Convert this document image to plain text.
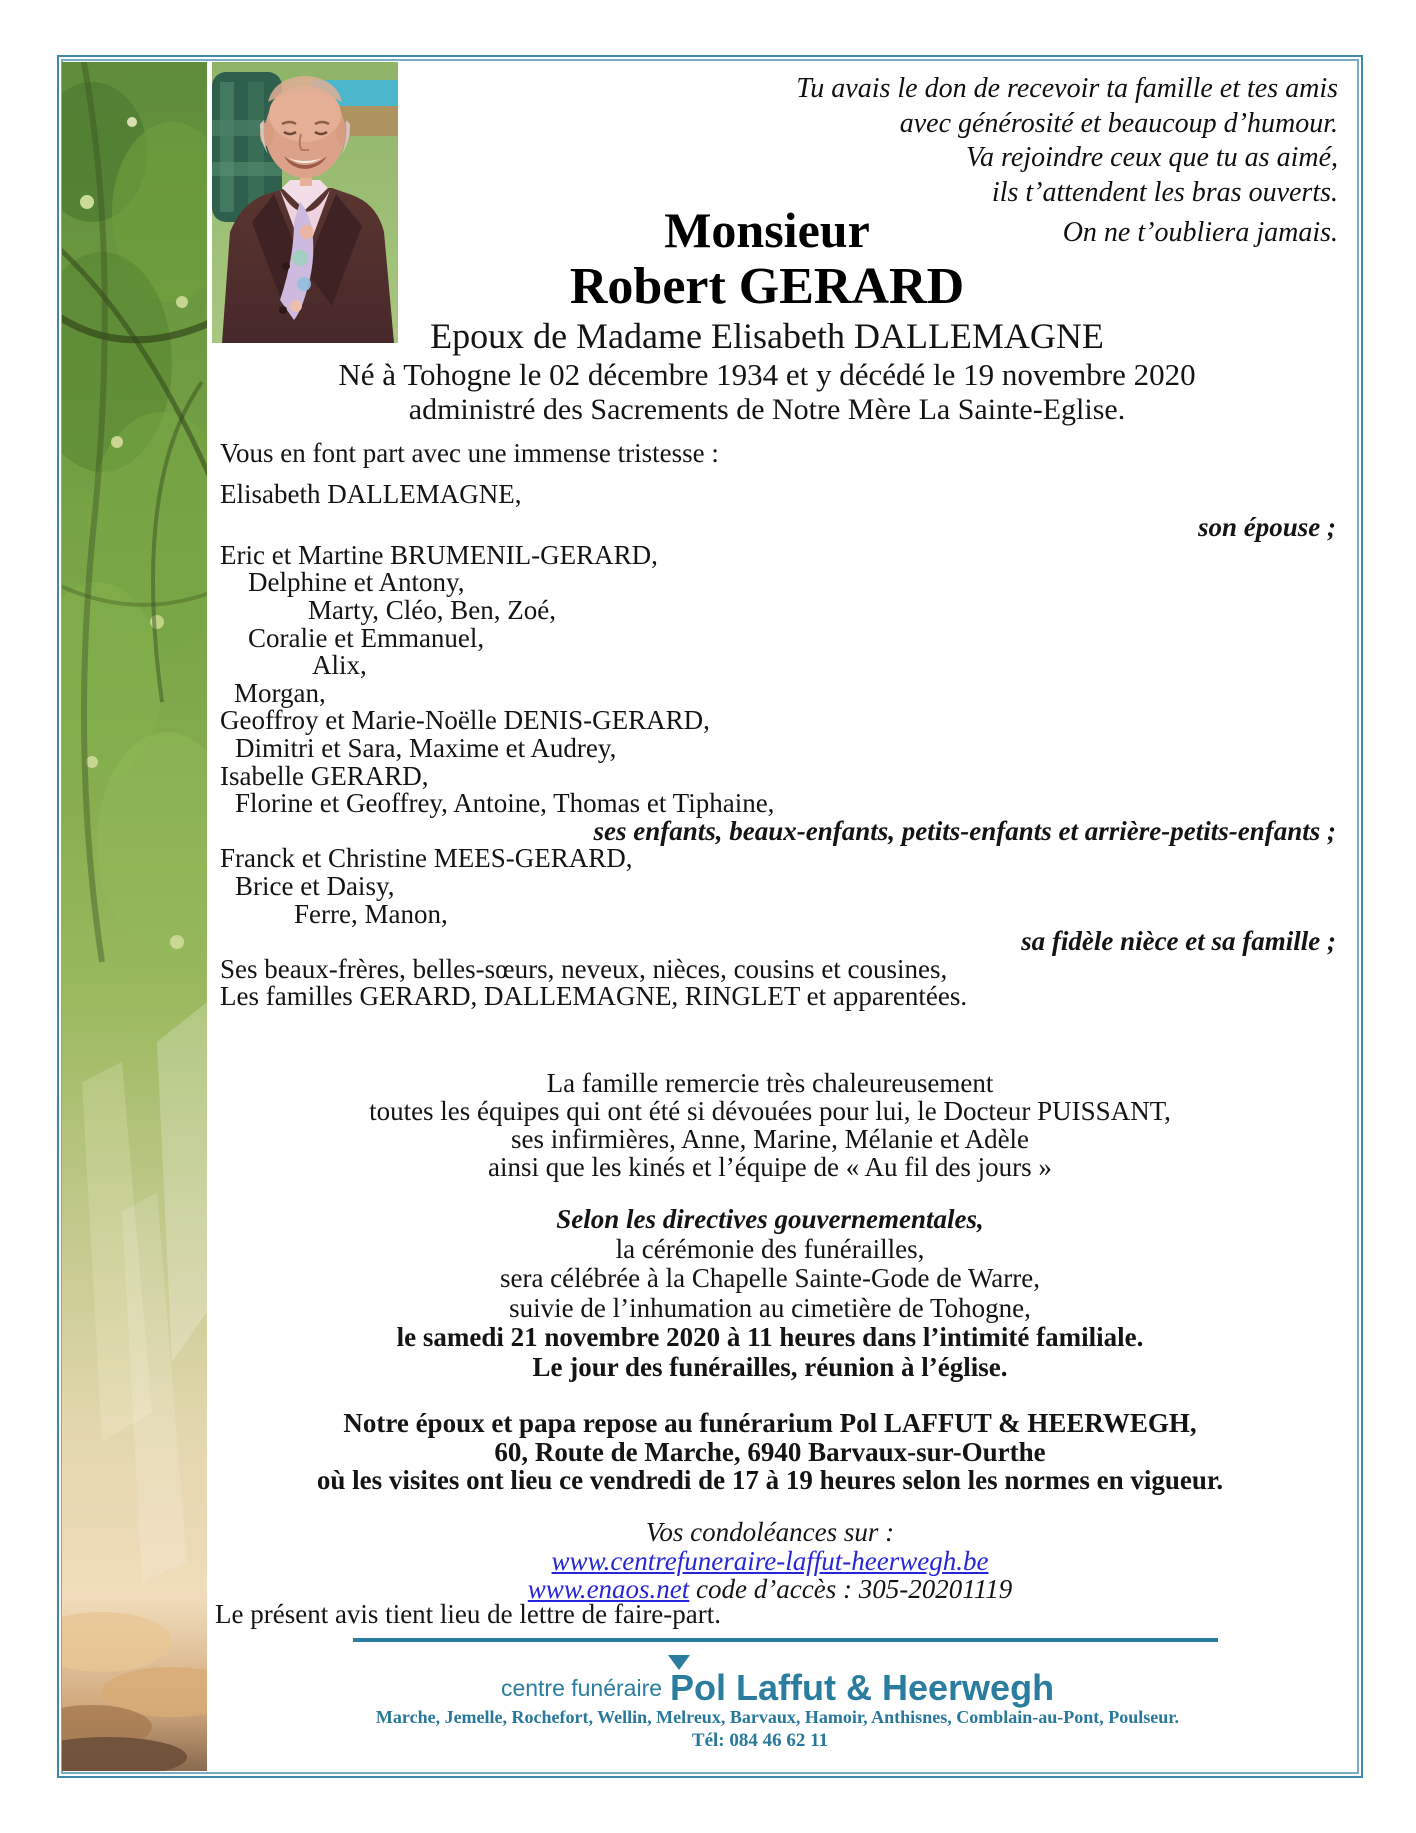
Tu avais le don de recevoir ta famille et tes amis
avec générosité et beaucoup d’humour.
Va rejoindre ceux que tu as aimé,
ils t’attendent les bras ouverts.
On ne t’oubliera jamais.
Monsieur
Robert GERARD
Epoux de Madame Elisabeth DALLEMAGNE
Né à Tohogne le 02 décembre 1934 et y décédé le 19 novembre 2020
administré des Sacrements de Notre Mère La Sainte-Eglise.
Vous en font part avec une immense tristesse :
Elisabeth DALLEMAGNE,
son épouse ;
Eric et Martine BRUMENIL-GERARD,
Delphine et Antony,
Marty, Cléo, Ben, Zoé,
Coralie et Emmanuel,
Alix,
Morgan,
Geoffroy et Marie-Noëlle DENIS-GERARD,
Dimitri et Sara, Maxime et Audrey,
Isabelle GERARD,
Florine et Geoffrey, Antoine, Thomas et Tiphaine,
ses enfants, beaux-enfants, petits-enfants et arrière-petits-enfants ;
Franck et Christine MEES-GERARD,
Brice et Daisy,
Ferre, Manon,
sa fidèle nièce et sa famille ;
Ses beaux-frères, belles-sœurs, neveux, nièces, cousins et cousines,
Les familles GERARD, DALLEMAGNE, RINGLET et apparentées.
La famille remercie très chaleureusement
toutes les équipes qui ont été si dévouées pour lui, le Docteur PUISSANT,
ses infirmières, Anne, Marine, Mélanie et Adèle
ainsi que les kinés et l’équipe de « Au fil des jours »
Selon les directives gouvernementales,
la cérémonie des funérailles,
sera célébrée à la Chapelle Sainte-Gode de Warre,
suivie de l’inhumation au cimetière de Tohogne,
le samedi 21 novembre 2020 à 11 heures dans l’intimité familiale.
Le jour des funérailles, réunion à l’église.
Notre époux et papa repose au funérarium Pol LAFFUT & HEERWEGH,
60, Route de Marche, 6940 Barvaux-sur-Ourthe
où les visites ont lieu ce vendredi de 17 à 19 heures selon les normes en vigueur.
Vos condoléances sur :
www.centrefuneraire-laffut-heerwegh.be
www.enaos.net code d’accès : 305-20201119
Le présent avis tient lieu de lettre de faire-part.
centre funéraire Pol Laffut & Heerwegh
Marche, Jemelle, Rochefort, Wellin, Melreux, Barvaux, Hamoir, Anthisnes, Comblain-au-Pont, Poulseur.
Tél: 084 46 62 11
